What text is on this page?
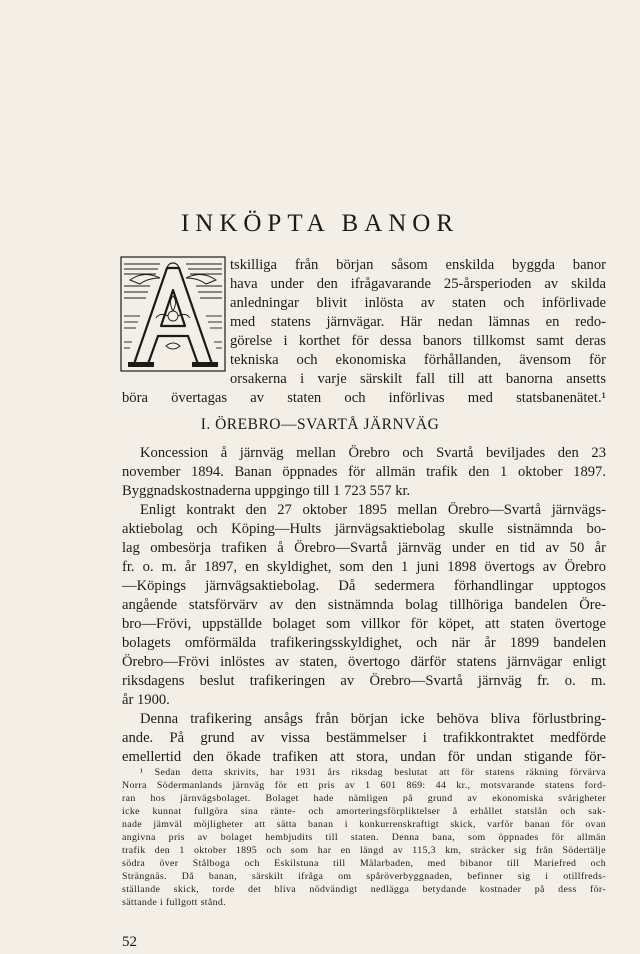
INKÖPTA BANOR
tskilliga från början såsom enskilda byggda banor
hava under den ifrågavarande 25-årsperioden av skilda
anledningar blivit inlösta av staten och införlivade
med statens järnvägar. Här nedan lämnas en redo-
görelse i korthet för dessa banors tillkomst samt deras
tekniska och ekonomiska förhållanden, ävensom för
orsakerna i varje särskilt fall till att banorna ansetts
böra övertagas av staten och införlivas med statsbanenätet.¹
I. ÖREBRO—SVARTÅ JÄRNVÄG
Koncession å järnväg mellan Örebro och Svartå beviljades den 23
november 1894. Banan öppnades för allmän trafik den 1 oktober 1897.
Byggnadskostnaderna uppgingo till 1 723 557 kr.
Enligt kontrakt den 27 oktober 1895 mellan Örebro—Svartå järnvägs-
aktiebolag och Köping—Hults järnvägsaktiebolag skulle sistnämnda bo-
lag ombesörja trafiken å Örebro—Svartå järnväg under en tid av 50 år
fr. o. m. år 1897, en skyldighet, som den 1 juni 1898 övertogs av Örebro
—Köpings järnvägsaktiebolag. Då sedermera förhandlingar upptogos
angående statsförvärv av den sistnämnda bolag tillhöriga bandelen Öre-
bro—Frövi, uppställde bolaget som villkor för köpet, att staten övertoge
bolagets omförmälda trafikeringsskyldighet, och när år 1899 bandelen
Örebro—Frövi inlöstes av staten, övertogo därför statens järnvägar enligt
riksdagens beslut trafikeringen av Örebro—Svartå järnväg fr. o. m.
år 1900.
Denna trafikering ansågs från början icke behöva bliva förlustbring-
ande. På grund av vissa bestämmelser i trafikkontraktet medförde
emellertid den ökade trafiken att stora, undan för undan stigande för-
¹ Sedan detta skrivits, har 1931 års riksdag beslutat att för statens räkning förvärva
Norra Södermanlands järnväg för ett pris av 1 601 869: 44 kr., motsvarande statens ford-
ran hos järnvägsbolaget. Bolaget hade nämligen på grund av ekonomiska svårigheter
icke kunnat fullgöra sina ränte- och amorteringsförpliktelser å erhållet statslån och sak-
nade jämväl möjligheter att sätta banan i konkurrenskraftigt skick, varför banan för ovan
angivna pris av bolaget hembjudits till staten. Denna bana, som öppnades för allmän
trafik den 1 oktober 1895 och som har en längd av 115,3 km, sträcker sig från Södertälje
södra över Stålboga och Eskilstuna till Mälarbaden, med bibanor till Mariefred och
Strängnäs. Då banan, särskilt ifråga om spåröverbyggnaden, befinner sig i otillfreds-
ställande skick, torde det bliva nödvändigt nedlägga betydande kostnader på dess för-
sättande i fullgott stånd.
52
